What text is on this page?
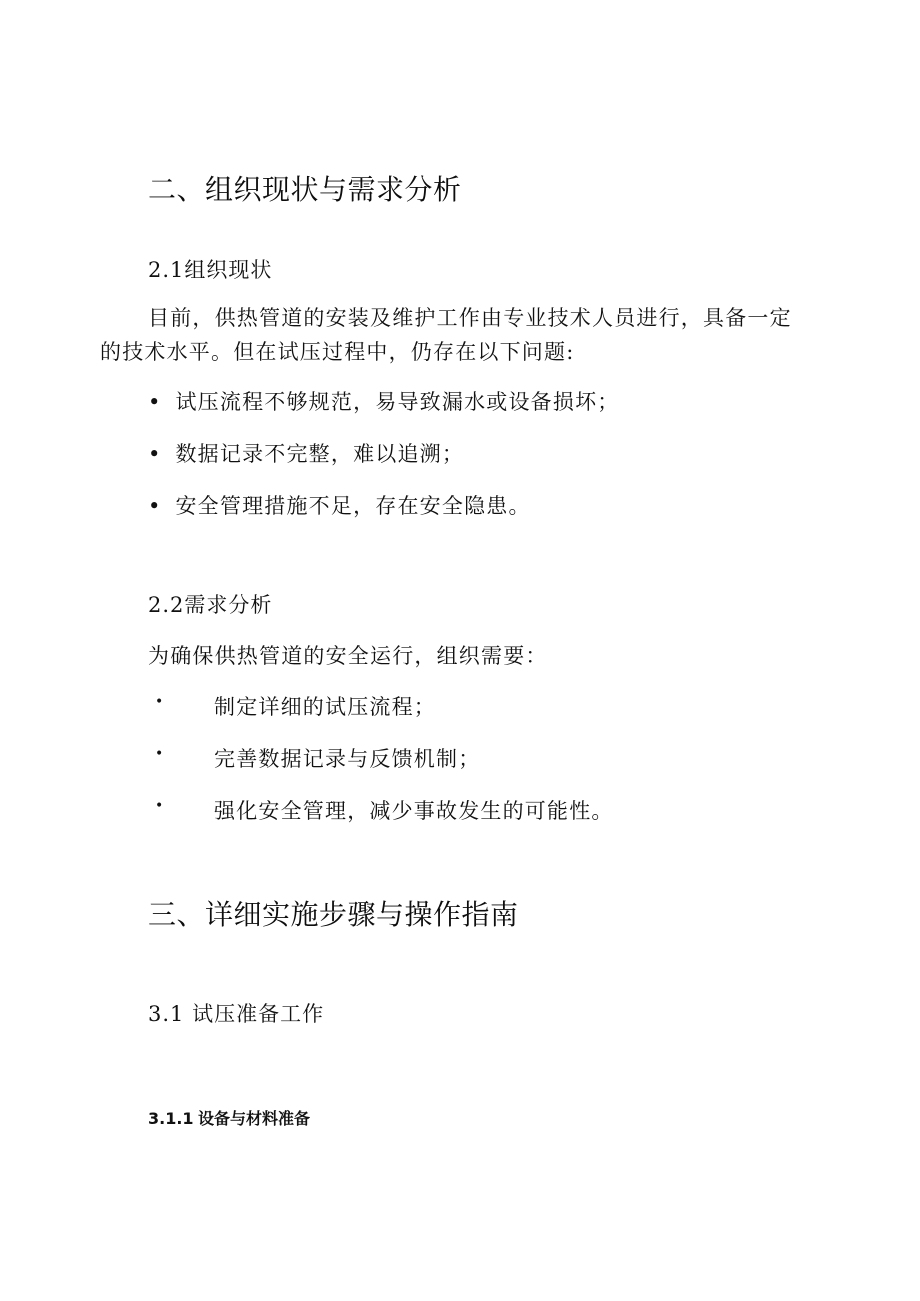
二、组织现状与需求分析
2.1组织现状
目前，供热管道的安装及维护工作由专业技术人员进行，具备一定的技术水平。但在试压过程中，仍存在以下问题:
• 试压流程不够规范，易导致漏水或设备损坏；
• 数据记录不完整，难以追溯；
• 安全管理措施不足，存在安全隐患。
2.2需求分析
为确保供热管道的安全运行，组织需要：
• 制定详细的试压流程；
• 完善数据记录与反馈机制；
• 强化安全管理，减少事故发生的可能性。
三、详细实施步骤与操作指南
3.1 试压准备工作
3.1.1 设备与材料准备
